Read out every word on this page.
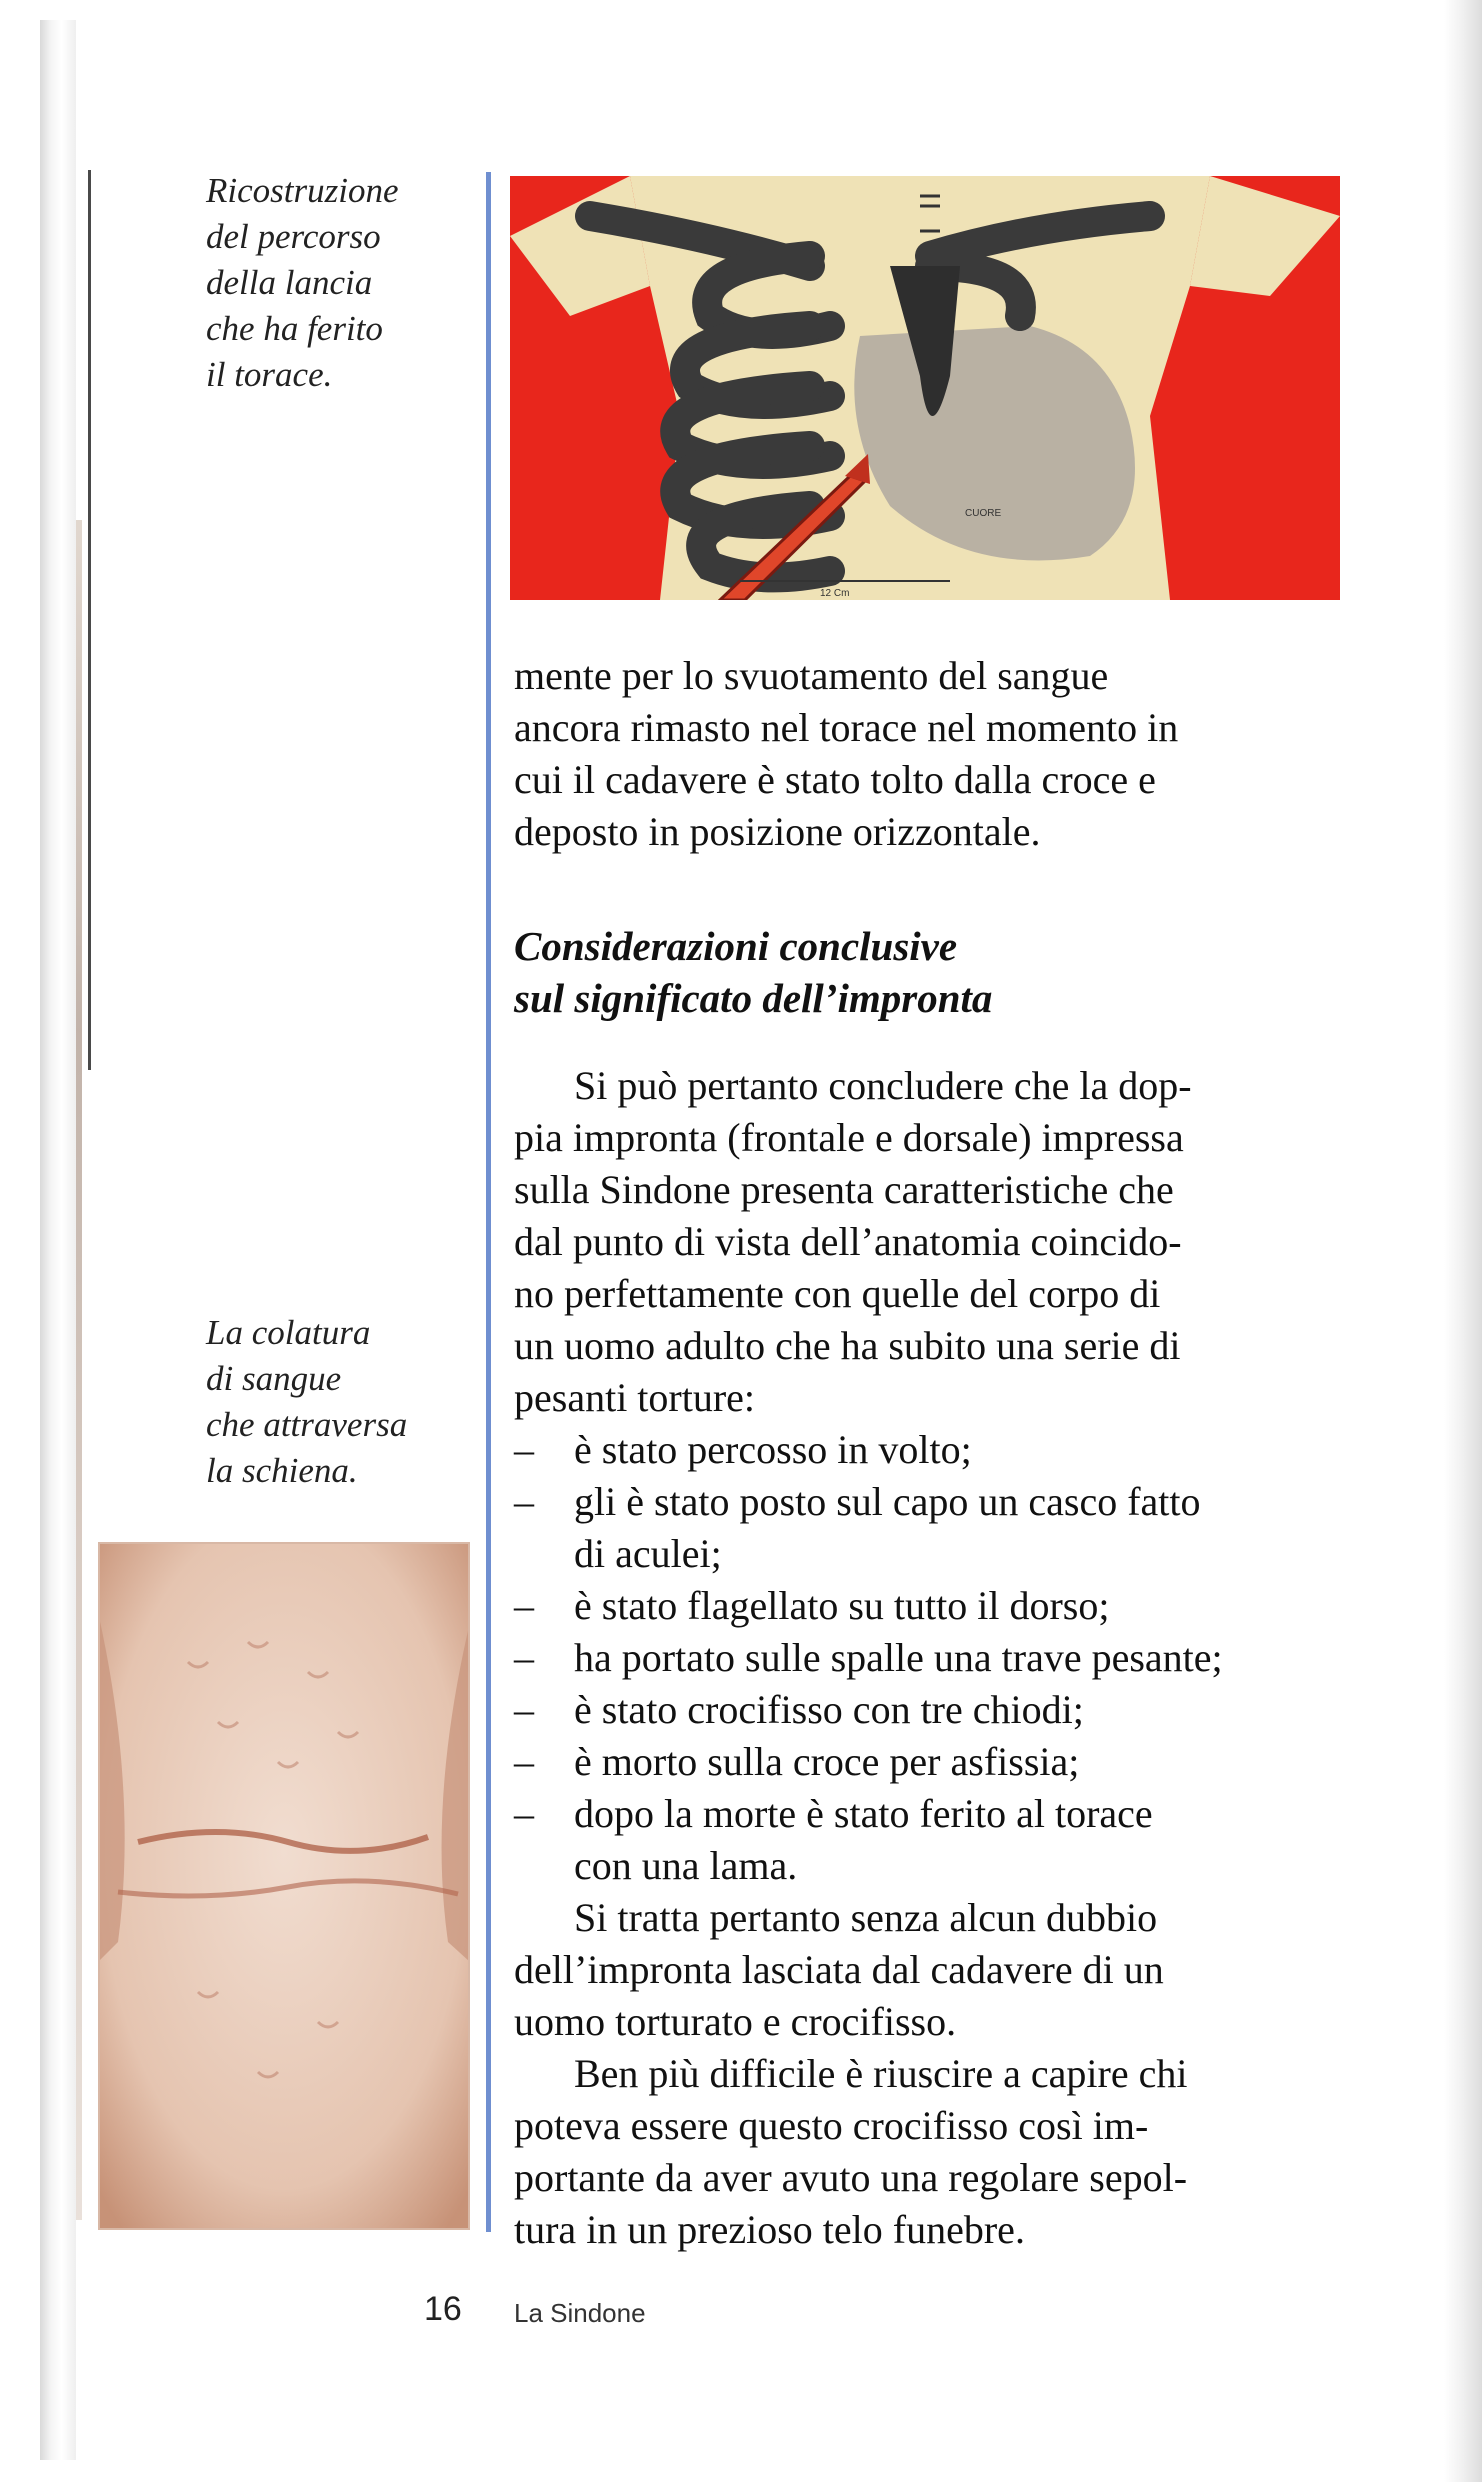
Ricostruzione
del percorso
della lancia
che ha ferito
il torace.
La colatura
di sangue
che attraversa
la schiena.
CUORE
12 Cm
mente per lo svuotamento del sangue
ancora rimasto nel torace nel momento in
cui il cadavere è stato tolto dalla croce e
deposto in posizione orizzontale.
Considerazioni conclusive
sul significato dell’impronta
Si può pertanto concludere che la dop-
pia impronta (frontale e dorsale) impressa
sulla Sindone presenta caratteristiche che
dal punto di vista dell’anatomia coincido-
no perfettamente con quelle del corpo di
un uomo adulto che ha subito una serie di
pesanti torture:
– è stato percosso in volto;
– gli è stato posto sul capo un casco fatto
di aculei;
– è stato flagellato su tutto il dorso;
– ha portato sulle spalle una trave pesante;
– è stato crocifisso con tre chiodi;
– è morto sulla croce per asfissia;
– dopo la morte è stato ferito al torace
con una lama.
Si tratta pertanto senza alcun dubbio
dell’impronta lasciata dal cadavere di un
uomo torturato e crocifisso.
Ben più difficile è riuscire a capire chi
poteva essere questo crocifisso così im-
portante da aver avuto una regolare sepol-
tura in un prezioso telo funebre.
16 La Sindone
